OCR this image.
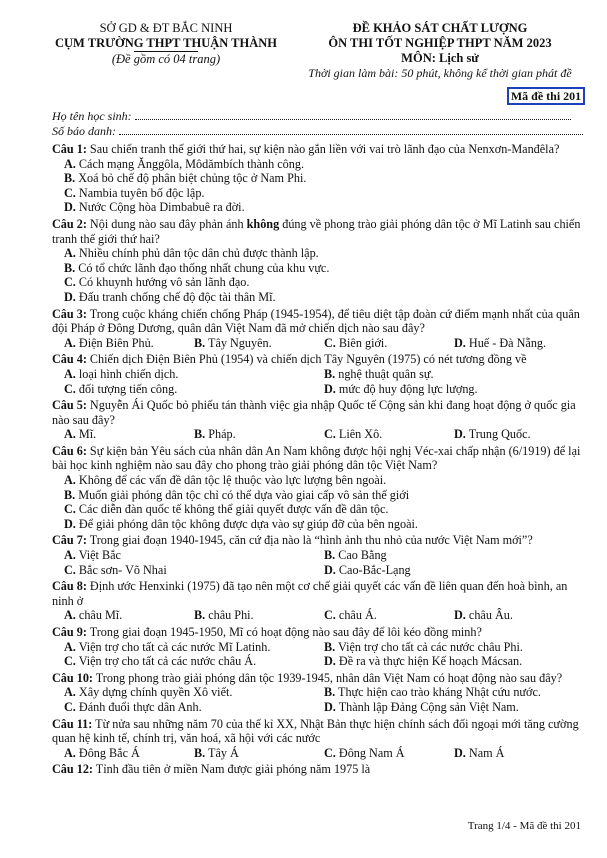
SỞ GD & ĐT BẮC NINH
CỤM TRƯỜNG THPT THUẬN THÀNH
(Đề gồm có 04 trang)
ĐỀ KHẢO SÁT CHẤT LƯỢNG
ÔN THI TỐT NGHIỆP THPT NĂM 2023
MÔN: Lịch sử
Thời gian làm bài: 50 phút, không kể thời gian phát đề
Mã đề thi 201
Họ tên học sinh:
Số báo danh:

Câu 1: Sau chiến tranh thế giới thứ hai, sự kiện nào gắn liền với vai trò lãnh đạo của Nenxơn-Manđêla?

A. Cách mạng Ănggôla, Môdămbích thành công.
B. Xoá bỏ chế độ phân biệt chủng tộc ở Nam Phi.
C. Nambia tuyên bố độc lập.
D. Nước Cộng hòa Dimbabuê ra đời.

Câu 2: Nội dung nào sau đây phản ánh không đúng về phong trào giải phóng dân tộc ở Mĩ Latinh sau chiến tranh thế giới thứ hai?

A. Nhiều chính phủ dân tộc dân chủ được thành lập.
B. Có tổ chức lãnh đạo thống nhất chung của khu vực.
C. Có khuynh hướng vô sản lãnh đạo.
D. Đấu tranh chống chế độ độc tài thân Mĩ.

Câu 3: Trong cuộc kháng chiến chống Pháp (1945-1954), để tiêu diệt tập đoàn cứ điểm mạnh nhất của quân đội Pháp ở Đông Dương, quân dân Việt Nam đã mở chiến dịch nào sau đây?

A. Điện Biên Phủ.	B. Tây Nguyên.	C. Biên giới.	D. Huế - Đà Nẵng.

Câu 4: Chiến dịch Điện Biên Phủ (1954) và chiến dịch Tây Nguyên (1975) có nét tương đồng về

A. loại hình chiến dịch.	B. nghệ thuật quân sự.
C. đối tượng tiến công.	D. mức độ huy động lực lượng.

Câu 5: Nguyễn Ái Quốc bỏ phiếu tán thành việc gia nhập Quốc tế Cộng sản khi đang hoạt động ở quốc gia nào sau đây?

A. Mĩ.	B. Pháp.	C. Liên Xô.	D. Trung Quốc.

Câu 6: Sự kiện bản Yêu sách của nhân dân An Nam không được hội nghị Véc-xai chấp nhận (6/1919) để lại bài học kinh nghiệm nào sau đây cho phong trào giải phóng dân tộc Việt Nam?

A. Không để các vấn đề dân tộc lệ thuộc vào lực lượng bên ngoài.
B. Muốn giải phóng dân tộc chỉ có thể dựa vào giai cấp vô sản thế giới
C. Các diễn đàn quốc tế không thể giải quyết được vấn đề dân tộc.
D. Để giải phóng dân tộc không được dựa vào sự giúp đỡ của bên ngoài.

Câu 7: Trong giai đoạn 1940-1945, căn cứ địa nào là “hình ảnh thu nhỏ của nước Việt Nam mới”?

A. Việt Bắc	B. Cao Bằng
C. Bắc sơn- Võ Nhai	D. Cao-Bắc-Lạng

Câu 8: Định ước Henxinki (1975) đã tạo nên một cơ chế giải quyết các vấn đề liên quan đến hoà bình, an ninh ở

A. châu Mĩ.	B. châu Phi.	C. châu Á.	D. châu Âu.

Câu 9: Trong giai đoạn 1945-1950, Mĩ có hoạt động nào sau đây để lôi kéo đồng minh?

A. Viện trợ cho tất cả các nước Mĩ Latinh.	B. Viện trợ cho tất cả các nước châu Phi.
C. Viện trợ cho tất cả các nước châu Á.	D. Đề ra và thực hiện Kế hoạch Mácsan.

Câu 10: Trong phong trào giải phóng dân tộc 1939-1945, nhân dân Việt Nam có hoạt động nào sau đây?

A. Xây dựng chính quyền Xô viết.	B. Thực hiện cao trào kháng Nhật cứu nước.
C. Đánh đuổi thực dân Anh.	D. Thành lập Đảng Cộng sản Việt Nam.

Câu 11: Từ nửa sau những năm 70 của thế kỉ XX, Nhật Bản thực hiện chính sách đối ngoại mới tăng cường quan hệ kinh tế, chính trị, văn hoá, xã hội với các nước

A. Đông Bắc Á	B. Tây Á	C. Đông Nam Á	D. Nam Á

Câu 12: Tỉnh đầu tiên ở miền Nam được giải phóng năm 1975 là

Trang 1/4 - Mã đề thi 201
